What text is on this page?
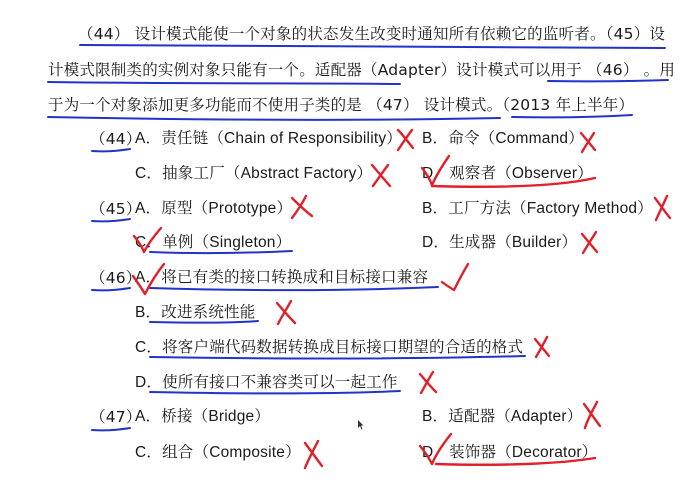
（44） 设计模式能使一个对象的状态发生改变时通知所有依赖它的监听者。（45）设
计模式限制类的实例对象只能有一个。适配器（Adapter）设计模式可以用于 （46） 。用
于为一个对象添加更多功能而不使用子类的是 （47） 设计模式。（2013 年上半年）
（44）
A．责任链（Chain of Responsibility） B．命令（Command）
C．抽象工厂（Abstract Factory）	D．观察者（Observer）
（45）
A．原型（Prototype）	B．工厂方法（Factory Method）
C．单例（Singleton）	D．生成器（Builder）
（46）
A．将已有类的接口转换成和目标接口兼容
B．改进系统性能
C．将客户端代码数据转换成目标接口期望的合适的格式
D．使所有接口不兼容类可以一起工作
（47）
A．桥接（Bridge）	B．适配器（Adapter）
C．组合（Composite）	D．装饰器（Decorator）
